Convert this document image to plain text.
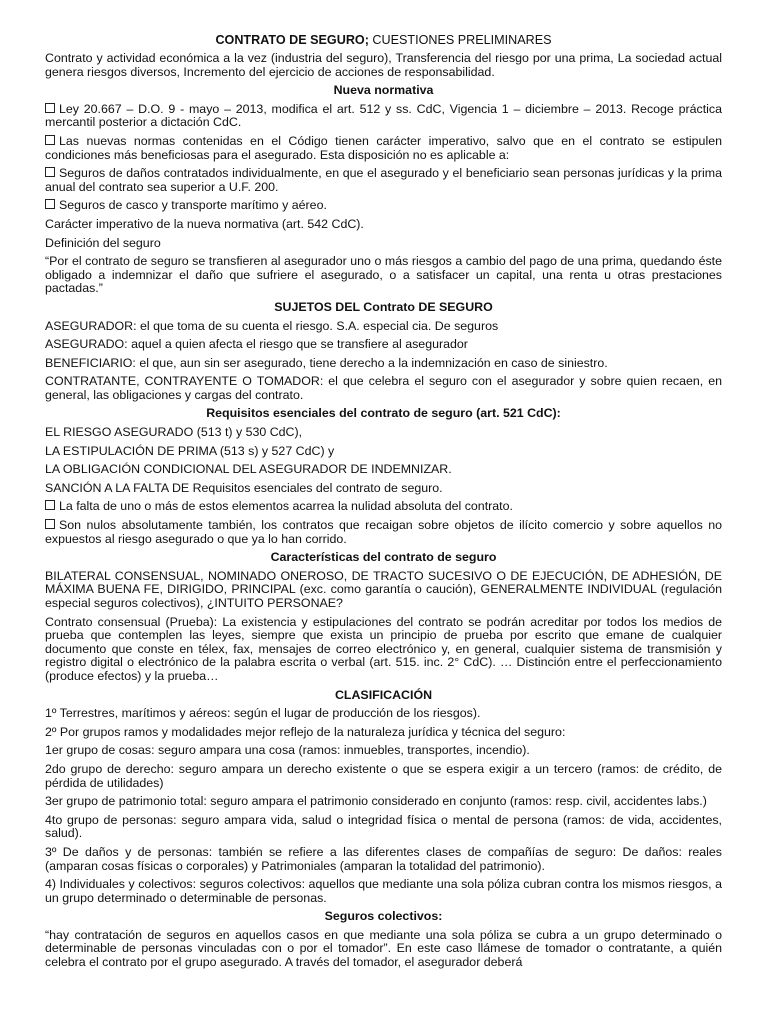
CONTRATO DE SEGURO; CUESTIONES PRELIMINARES

Contrato y actividad económica a la vez (industria del seguro), Transferencia del riesgo por una prima, La sociedad actual genera riesgos diversos, Incremento del ejercicio de acciones de responsabilidad.

Nueva normativa

Ley 20.667 – D.O. 9 - mayo – 2013, modifica el art. 512 y ss. CdC, Vigencia 1 – diciembre – 2013. Recoge práctica mercantil posterior a dictación CdC.

Las nuevas normas contenidas en el Código tienen carácter imperativo, salvo que en el contrato se estipulen condiciones más beneficiosas para el asegurado. Esta disposición no es aplicable a:

Seguros de daños contratados individualmente, en que el asegurado y el beneficiario sean personas jurídicas y la prima anual del contrato sea superior a U.F. 200.

Seguros de casco y transporte marítimo y aéreo.

Carácter imperativo de la nueva normativa (art. 542 CdC).

Definición del seguro

“Por el contrato de seguro se transfieren al asegurador uno o más riesgos a cambio del pago de una prima, quedando éste obligado a indemnizar el daño que sufriere el asegurado, o a satisfacer un capital, una renta u otras prestaciones pactadas.”

SUJETOS DEL Contrato DE SEGURO

ASEGURADOR: el que toma de su cuenta el riesgo. S.A. especial cia. De seguros

ASEGURADO: aquel a quien afecta el riesgo que se transfiere al asegurador

BENEFICIARIO: el que, aun sin ser asegurado, tiene derecho a la indemnización en caso de siniestro.

CONTRATANTE, CONTRAYENTE O TOMADOR: el que celebra el seguro con el asegurador y sobre quien recaen, en general, las obligaciones y cargas del contrato.

Requisitos esenciales del contrato de seguro (art. 521 CdC):

EL RIESGO ASEGURADO (513 t) y 530 CdC),

LA ESTIPULACIÓN DE PRIMA (513 s) y 527 CdC) y

LA OBLIGACIÓN CONDICIONAL DEL ASEGURADOR DE INDEMNIZAR.

SANCIÓN A LA FALTA DE Requisitos esenciales del contrato de seguro.

La falta de uno o más de estos elementos acarrea la nulidad absoluta del contrato.

Son nulos absolutamente también, los contratos que recaigan sobre objetos de ilícito comercio y sobre aquellos no expuestos al riesgo asegurado o que ya lo han corrido.

Características del contrato de seguro

BILATERAL CONSENSUAL, NOMINADO ONEROSO, DE TRACTO SUCESIVO O DE EJECUCIÓN, DE ADHESIÓN, DE MÁXIMA BUENA FE, DIRIGIDO, PRINCIPAL (exc. como garantía o caución), GENERALMENTE INDIVIDUAL (regulación especial seguros colectivos), ¿INTUITO PERSONAE?

Contrato consensual (Prueba): La existencia y estipulaciones del contrato se podrán acreditar por todos los medios de prueba que contemplen las leyes, siempre que exista un principio de prueba por escrito que emane de cualquier documento que conste en télex, fax, mensajes de correo electrónico y, en general, cualquier sistema de transmisión y registro digital o electrónico de la palabra escrita o verbal (art. 515. inc. 2° CdC). … Distinción entre el perfeccionamiento (produce efectos) y la prueba…

CLASIFICACIÓN

1º Terrestres, marítimos y aéreos: según el lugar de producción de los riesgos).

2º Por grupos ramos y modalidades mejor reflejo de la naturaleza jurídica y técnica del seguro:

1er grupo de cosas: seguro ampara una cosa (ramos: inmuebles, transportes, incendio).

2do grupo de derecho: seguro ampara un derecho existente o que se espera exigir a un tercero (ramos: de crédito, de pérdida de utilidades)

3er grupo de patrimonio total: seguro ampara el patrimonio considerado en conjunto (ramos: resp. civil, accidentes labs.)

4to grupo de personas: seguro ampara vida, salud o integridad física o mental de persona (ramos: de vida, accidentes, salud).

3º De daños y de personas: también se refiere a las diferentes clases de compañías de seguro: De daños: reales (amparan cosas físicas o corporales) y Patrimoniales (amparan la totalidad del patrimonio).

4) Individuales y colectivos: seguros colectivos: aquellos que mediante una sola póliza cubran contra los mismos riesgos, a un grupo determinado o determinable de personas.

Seguros colectivos:

“hay contratación de seguros en aquellos casos en que mediante una sola póliza se cubra a un grupo determinado o determinable de personas vinculadas con o por el tomador”. En este caso llámese de tomador o contratante, a quién celebra el contrato por el grupo asegurado. A través del tomador, el asegurador deberá
